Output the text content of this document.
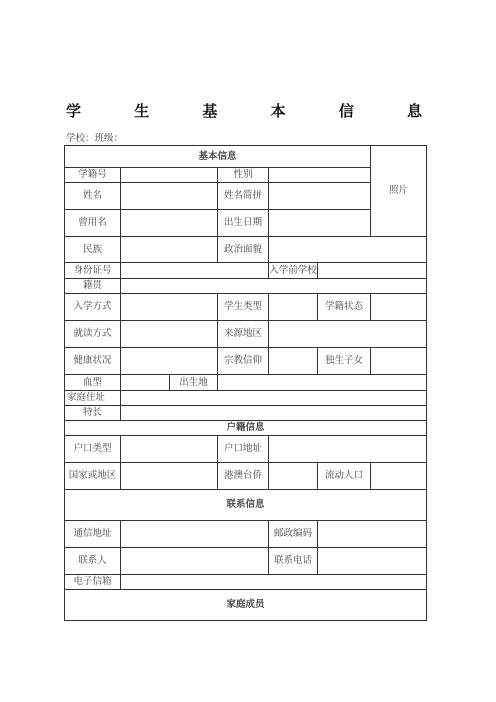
学	生	基	本	信	息
学校：班级：
基本信息						照片
学籍号			性别			
姓名			姓名简拼			
曾用名			出生日期			
民族			政治面貌			
身份证号				入学前学校		
籍贯						
入学方式			学生类型		学籍状态	
就读方式			来源地区			
健康状况			宗教信仰		独生子女	
血型		出生地				
家庭住址						
特长						
户籍信息						
户口类型			户口地址			
国家或地区			港澳台侨		流动人口	
联系信息						
通信地址				邮政编码		
联系人				联系电话		
电子信箱						
家庭成员						
